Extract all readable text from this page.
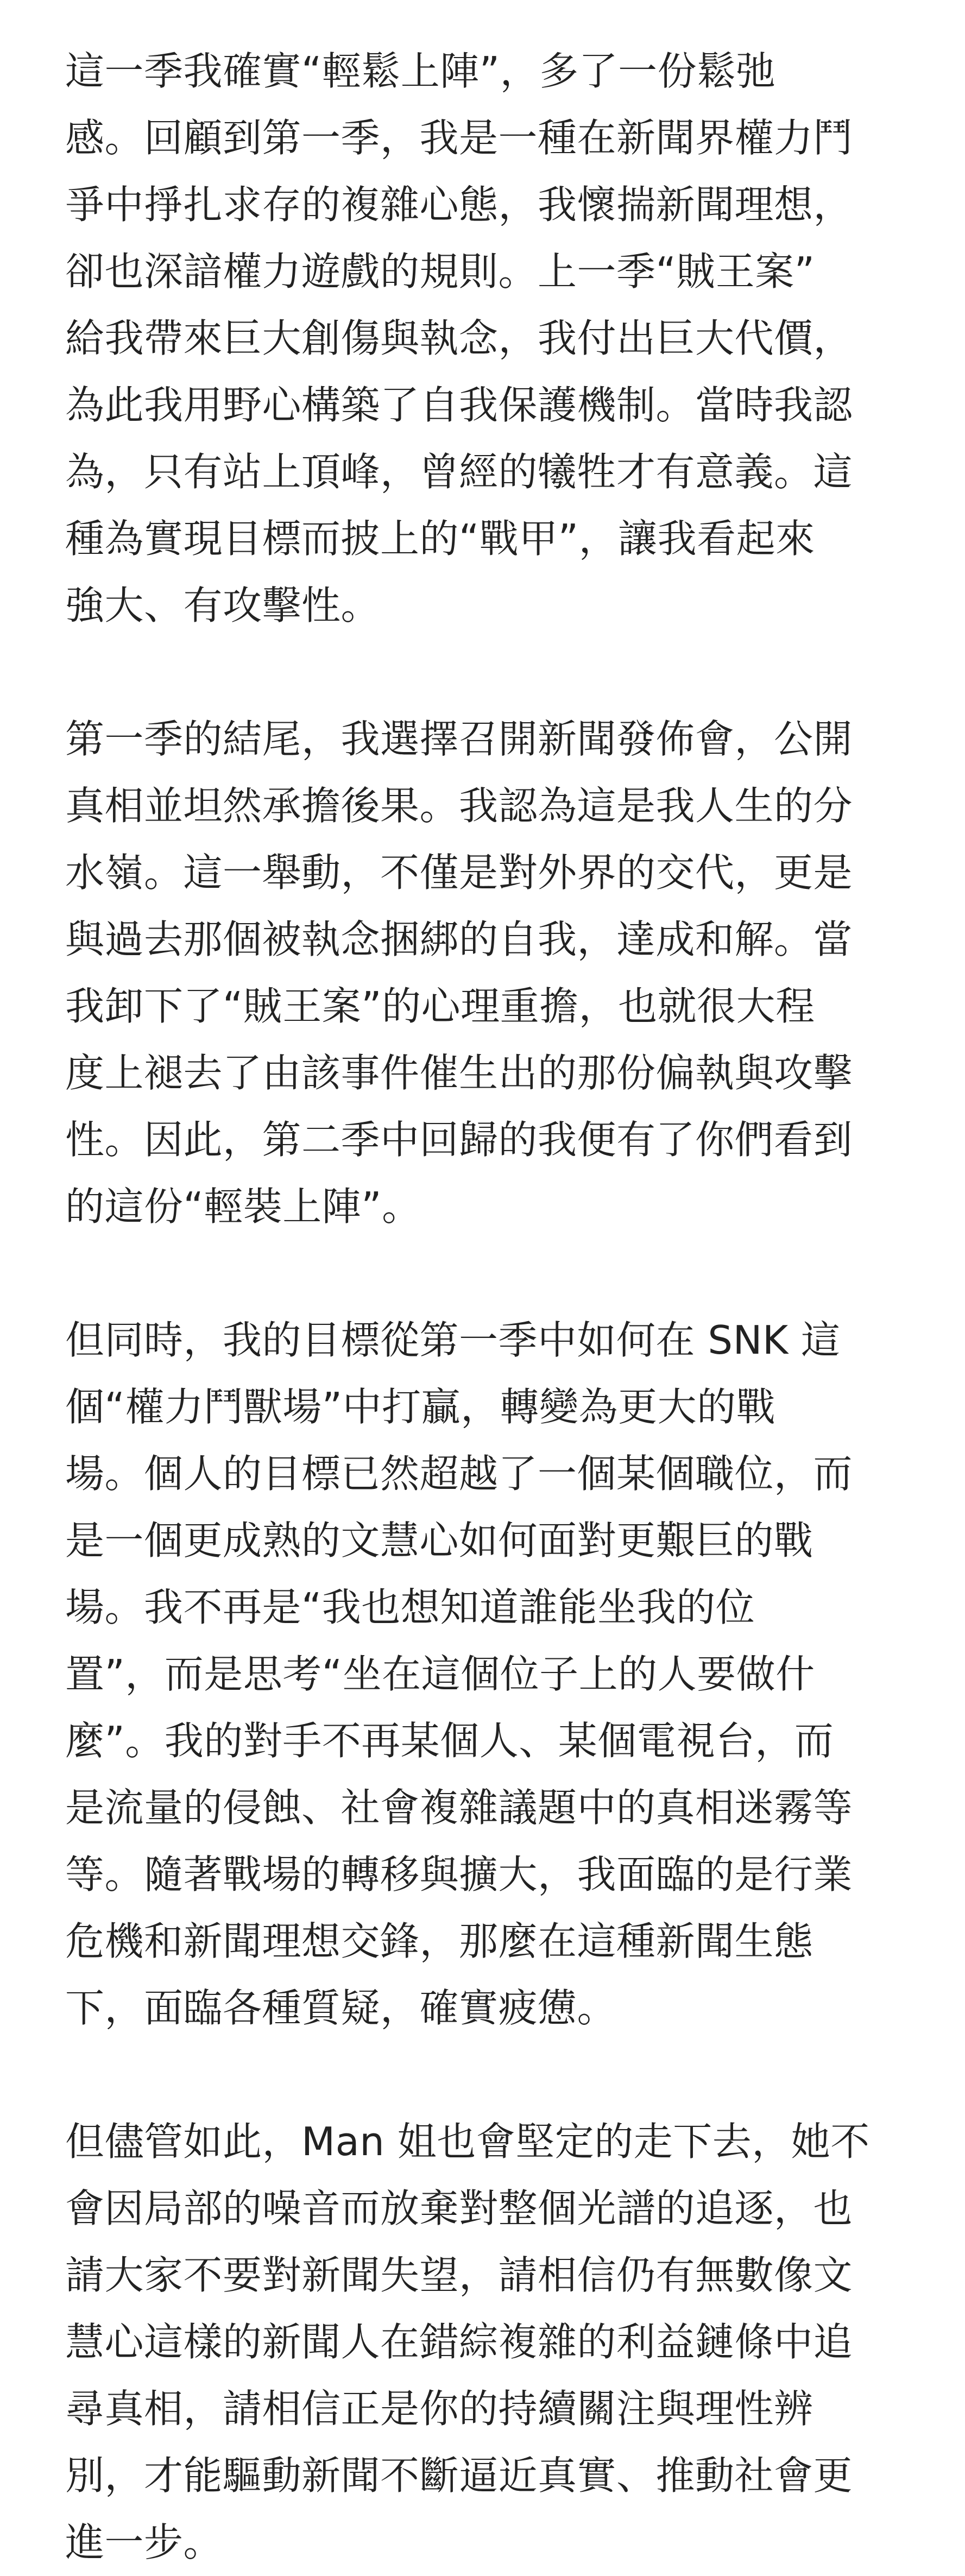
這一季我確實“輕鬆上陣”，多了一份鬆弛
感。回顧到第一季，我是一種在新聞界權力鬥
爭中掙扎求存的複雜心態，我懷揣新聞理想，
卻也深諳權力遊戲的規則。上一季“賊王案”
給我帶來巨大創傷與執念，我付出巨大代價，
為此我用野心構築了自我保護機制。當時我認
為，只有站上頂峰，曾經的犧牲才有意義。這
種為實現目標而披上的“戰甲”，讓我看起來
強大、有攻擊性。

第一季的結尾，我選擇召開新聞發佈會，公開
真相並坦然承擔後果。我認為這是我人生的分
水嶺。這一舉動，不僅是對外界的交代，更是
與過去那個被執念捆綁的自我，達成和解。當
我卸下了“賊王案”的心理重擔，也就很大程
度上褪去了由該事件催生出的那份偏執與攻擊
性。因此，第二季中回歸的我便有了你們看到
的這份“輕裝上陣”。

但同時，我的目標從第一季中如何在 SNK 這
個“權力鬥獸場”中打贏，轉變為更大的戰
場。個人的目標已然超越了一個某個職位，而
是一個更成熟的文慧心如何面對更艱巨的戰
場。我不再是“我也想知道誰能坐我的位
置”，而是思考“坐在這個位子上的人要做什
麼”。我的對手不再某個人、某個電視台，而
是流量的侵蝕、社會複雜議題中的真相迷霧等
等。隨著戰場的轉移與擴大，我面臨的是行業
危機和新聞理想交鋒，那麼在這種新聞生態
下，面臨各種質疑，確實疲憊。

但儘管如此，Man 姐也會堅定的走下去，她不
會因局部的噪音而放棄對整個光譜的追逐，也
請大家不要對新聞失望，請相信仍有無數像文
慧心這樣的新聞人在錯綜複雜的利益鏈條中追
尋真相，請相信正是你的持續關注與理性辨
別，才能驅動新聞不斷逼近真實、推動社會更
進一步。
